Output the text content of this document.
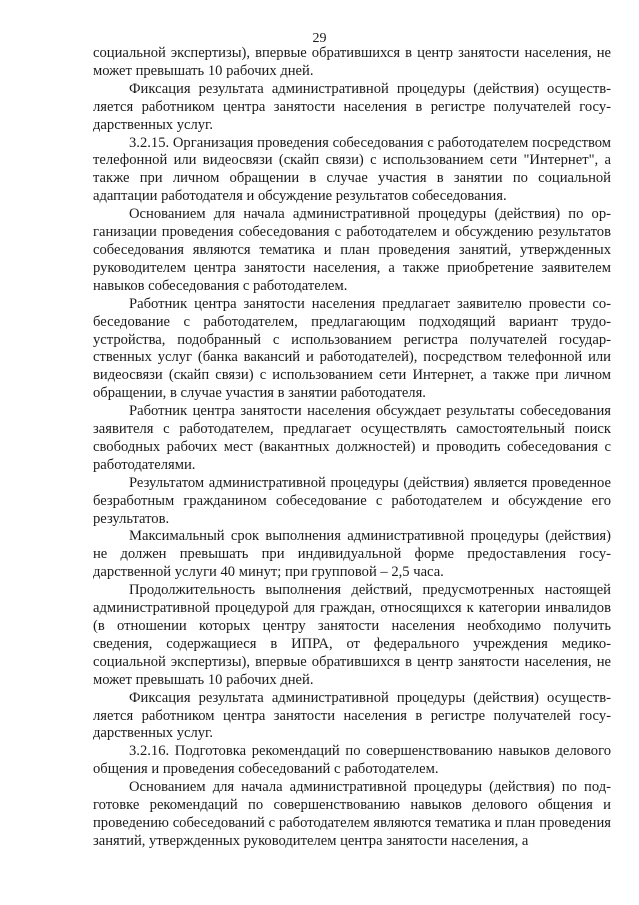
29

социальной экспертизы), впервые обратившихся в центр занятости населения, не может превышать 10 рабочих дней.

Фиксация результата административной процедуры (действия) осуществляется работником центра занятости населения в регистре получателей государственных услуг.

3.2.15. Организация проведения собеседования с работодателем посредством телефонной или видеосвязи (скайп связи) с использованием сети "Интернет", а также при личном обращении в случае участия в занятии по социальной адаптации работодателя и обсуждение результатов собеседования.

Основанием для начала административной процедуры (действия) по организации проведения собеседования с работодателем и обсуждению результатов собеседования являются тематика и план проведения занятий, утвержденных руководителем центра занятости населения, а также приобретение заявителем навыков собеседования с работодателем.

Работник центра занятости населения предлагает заявителю провести собеседование с работодателем, предлагающим подходящий вариант трудоустройства, подобранный с использованием регистра получателей государственных услуг (банка вакансий и работодателей), посредством телефонной или видеосвязи (скайп связи) с использованием сети Интернет, а также при личном обращении, в случае участия в занятии работодателя.

Работник центра занятости населения обсуждает результаты собеседования заявителя с работодателем, предлагает осуществлять самостоятельный поиск свободных рабочих мест (вакантных должностей) и проводить собеседования с работодателями.

Результатом административной процедуры (действия) является проведенное безработным гражданином собеседование с работодателем и обсуждение его результатов.

Максимальный срок выполнения административной процедуры (действия) не должен превышать при индивидуальной форме предоставления государственной услуги 40 минут; при групповой – 2,5 часа.

Продолжительность выполнения действий, предусмотренных настоящей административной процедурой для граждан, относящихся к категории инвалидов (в отношении которых центру занятости населения необходимо получить сведения, содержащиеся в ИПРА, от федерального учреждения медико-социальной экспертизы), впервые обратившихся в центр занятости населения, не может превышать 10 рабочих дней.

Фиксация результата административной процедуры (действия) осуществляется работником центра занятости населения в регистре получателей государственных услуг.

3.2.16. Подготовка рекомендаций по совершенствованию навыков делового общения и проведения собеседований с работодателем.

Основанием для начала административной процедуры (действия) по подготовке рекомендаций по совершенствованию навыков делового общения и проведению собеседований с работодателем являются тематика и план проведения занятий, утвержденных руководителем центра занятости населения, а
